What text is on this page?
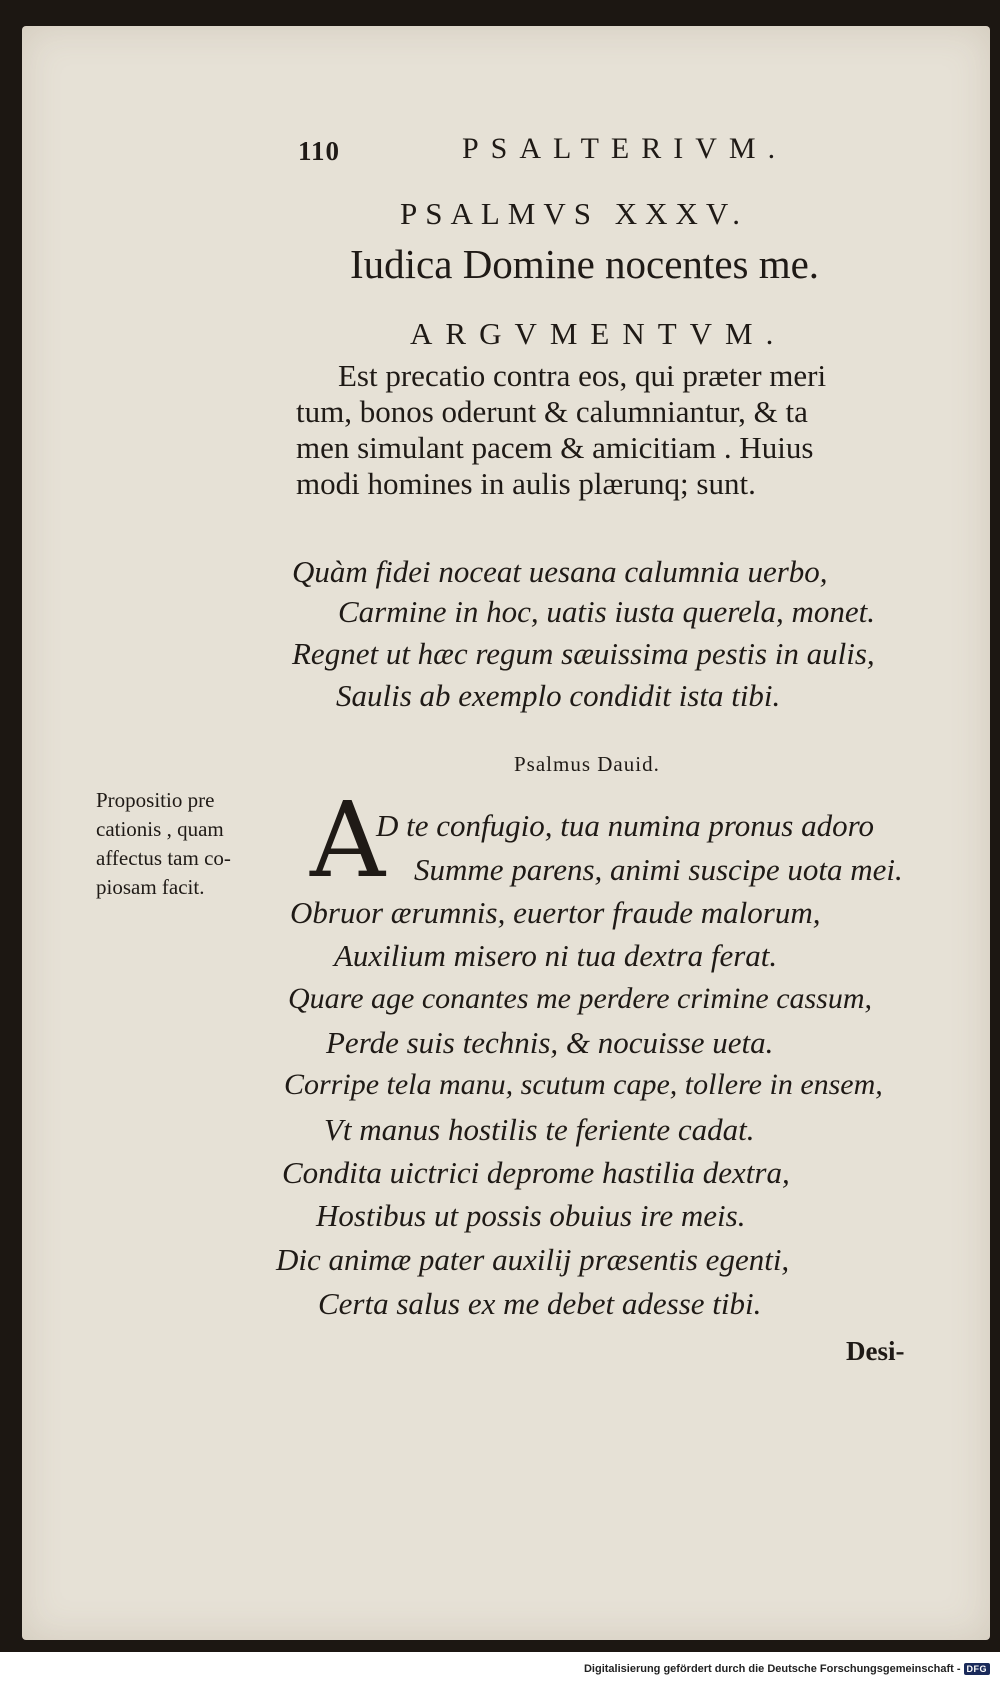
110	PSALTERIVM.
PSALMVS XXXV.
Iudica Domine nocentes me.
ARGVMENTVM.
Est precatio contra eos, qui præter meri
tum, bonos oderunt & calumniantur, & ta
men simulant pacem & amicitiam . Huius
modi homines in aulis plærunq; sunt.
Quàm fidei noceat uesana calumnia uerbo,
Carmine in hoc, uatis iusta querela, monet.
Regnet ut hæc regum sæuissima pestis in aulis,
Saulis ab exemplo condidit ista tibi.
Psalmus Dauid.
Propositio pre
cationis , quam
affectus tam co-
piosam facit. A
D te confugio, tua numina pronus adoro
Summe parens, animi suscipe uota mei.
Obruor ærumnis, euertor fraude malorum,
Auxilium misero ni tua dextra ferat.
Quare age conantes me perdere crimine cassum,
Perde suis technis, & nocuisse ueta.
Corripe tela manu, scutum cape, tollere in ensem,
Vt manus hostilis te feriente cadat.
Condita uictrici deprome hastilia dextra,
Hostibus ut possis obuius ire meis.
Dic animæ pater auxilij præsentis egenti,
Certa salus ex me debet adesse tibi.
Desi-
Digitalisierung gefördert durch die Deutsche Forschungsgemeinschaft - DFG
